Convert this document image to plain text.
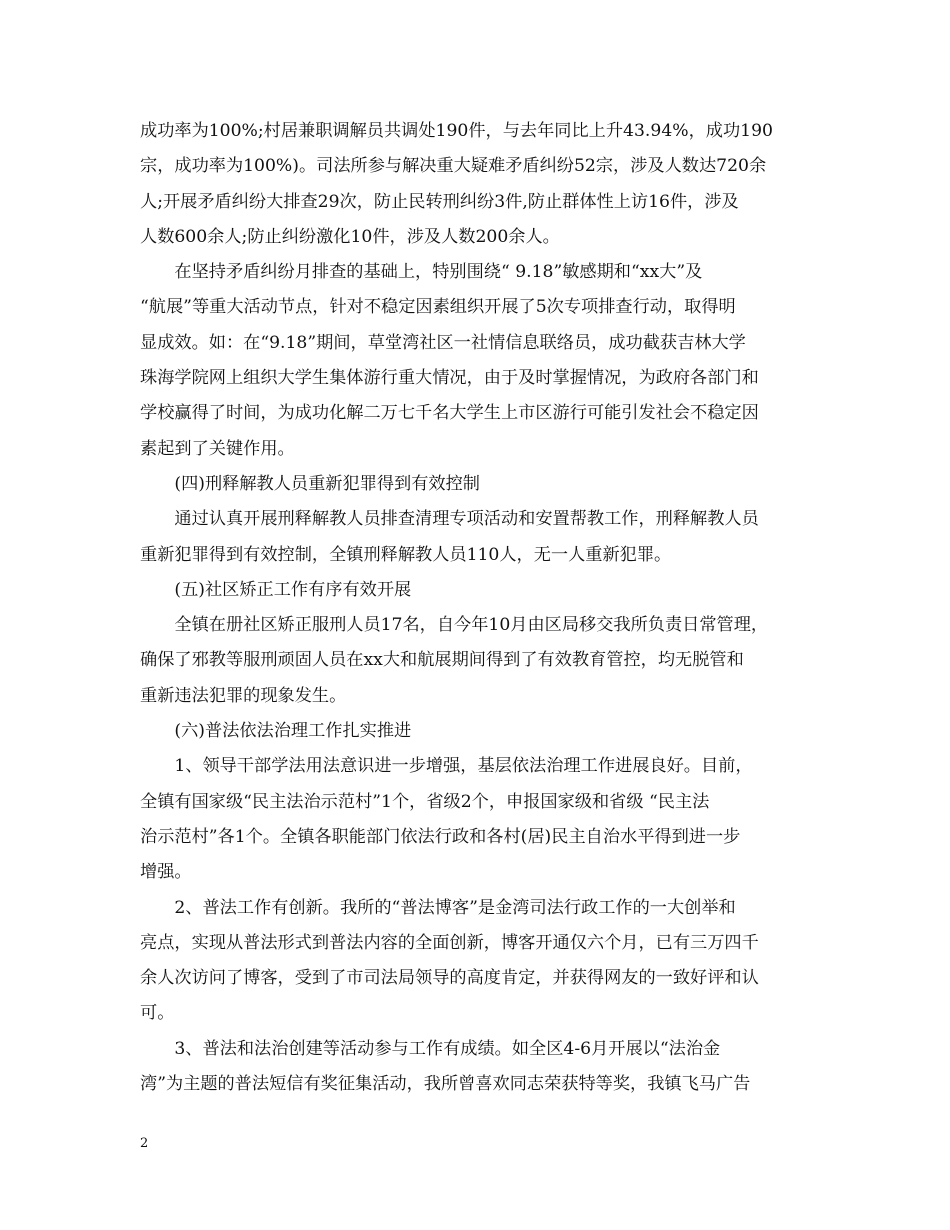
成功率为100%;村居兼职调解员共调处190件，与去年同比上升43.94%，成功190
宗，成功率为100%)。司法所参与解决重大疑难矛盾纠纷52宗，涉及人数达720余
人;开展矛盾纠纷大排查29次，防止民转刑纠纷3件,防止群体性上访16件，涉及
人数600余人;防止纠纷激化10件，涉及人数200余人。
　　在坚持矛盾纠纷月排查的基础上，特别围绕“ 9.18”敏感期和“xx大”及
“航展”等重大活动节点，针对不稳定因素组织开展了5次专项排查行动，取得明
显成效。如：在“9.18”期间，草堂湾社区一社情信息联络员，成功截获吉林大学
珠海学院网上组织大学生集体游行重大情况，由于及时掌握情况，为政府各部门和
学校赢得了时间，为成功化解二万七千名大学生上市区游行可能引发社会不稳定因
素起到了关键作用。
　　(四)刑释解教人员重新犯罪得到有效控制
　　通过认真开展刑释解教人员排查清理专项活动和安置帮教工作，刑释解教人员
重新犯罪得到有效控制，全镇刑释解教人员110人，无一人重新犯罪。
　　(五)社区矫正工作有序有效开展
　　全镇在册社区矫正服刑人员17名，自今年10月由区局移交我所负责日常管理，
确保了邪教等服刑顽固人员在xx大和航展期间得到了有效教育管控，均无脱管和
重新违法犯罪的现象发生。
　　(六)普法依法治理工作扎实推进
　　1、领导干部学法用法意识进一步增强，基层依法治理工作进展良好。目前，
全镇有国家级“民主法治示范村”1个，省级2个，申报国家级和省级 “民主法
治示范村”各1个。全镇各职能部门依法行政和各村(居)民主自治水平得到进一步
增强。
　　2、普法工作有创新。我所的“普法博客”是金湾司法行政工作的一大创举和
亮点，实现从普法形式到普法内容的全面创新，博客开通仅六个月，已有三万四千
余人次访问了博客，受到了市司法局领导的高度肯定，并获得网友的一致好评和认
可。
　　3、普法和法治创建等活动参与工作有成绩。如全区4-6月开展以“法治金
湾”为主题的普法短信有奖征集活动，我所曾喜欢同志荣获特等奖，我镇飞马广告
2
